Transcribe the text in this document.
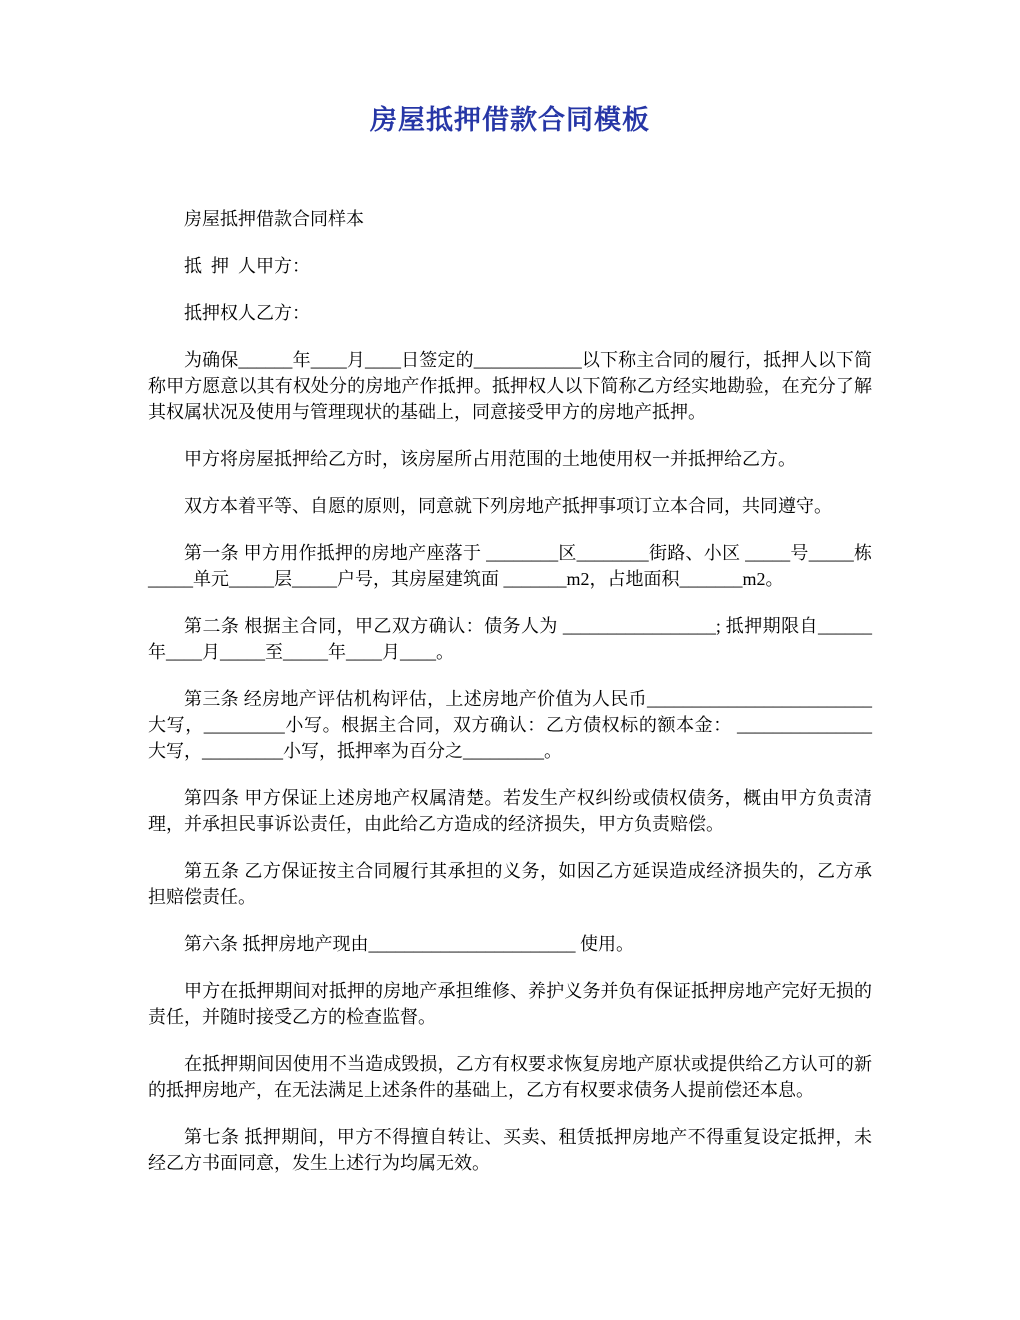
房屋抵押借款合同模板

房屋抵押借款合同样本

抵 押 人甲方：

抵押权人乙方：

为确保______年____月____日签定的____________以下称主合同的履行，抵押人以下简称甲方愿意以其有权处分的房地产作抵押。抵押权人以下简称乙方经实地勘验，在充分了解其权属状况及使用与管理现状的基础上，同意接受甲方的房地产抵押。

甲方将房屋抵押给乙方时，该房屋所占用范围的土地使用权一并抵押给乙方。

双方本着平等、自愿的原则，同意就下列房地产抵押事项订立本合同，共同遵守。

第一条 甲方用作抵押的房地产座落于 ________区________街路、小区 _____号_____栋_____单元_____层_____户号，其房屋建筑面 _______m2，占地面积_______m2。

第二条 根据主合同，甲乙双方确认：债务人为 _________________; 抵押期限自______年____月_____至_____年____月____。

第三条 经房地产评估机构评估，上述房地产价值为人民币_________________________ 大写，_________小写。根据主合同，双方确认：乙方债权标的额本金： _______________大写，_________小写，抵押率为百分之_________。

第四条 甲方保证上述房地产权属清楚。若发生产权纠纷或债权债务，概由甲方负责清理，并承担民事诉讼责任，由此给乙方造成的经济损失，甲方负责赔偿。

第五条 乙方保证按主合同履行其承担的义务，如因乙方延误造成经济损失的，乙方承担赔偿责任。

第六条 抵押房地产现由_______________________ 使用。

甲方在抵押期间对抵押的房地产承担维修、养护义务并负有保证抵押房地产完好无损的责任，并随时接受乙方的检查监督。

在抵押期间因使用不当造成毁损，乙方有权要求恢复房地产原状或提供给乙方认可的新的抵押房地产，在无法满足上述条件的基础上，乙方有权要求债务人提前偿还本息。

第七条 抵押期间，甲方不得擅自转让、买卖、租赁抵押房地产不得重复设定抵押，未经乙方书面同意，发生上述行为均属无效。
